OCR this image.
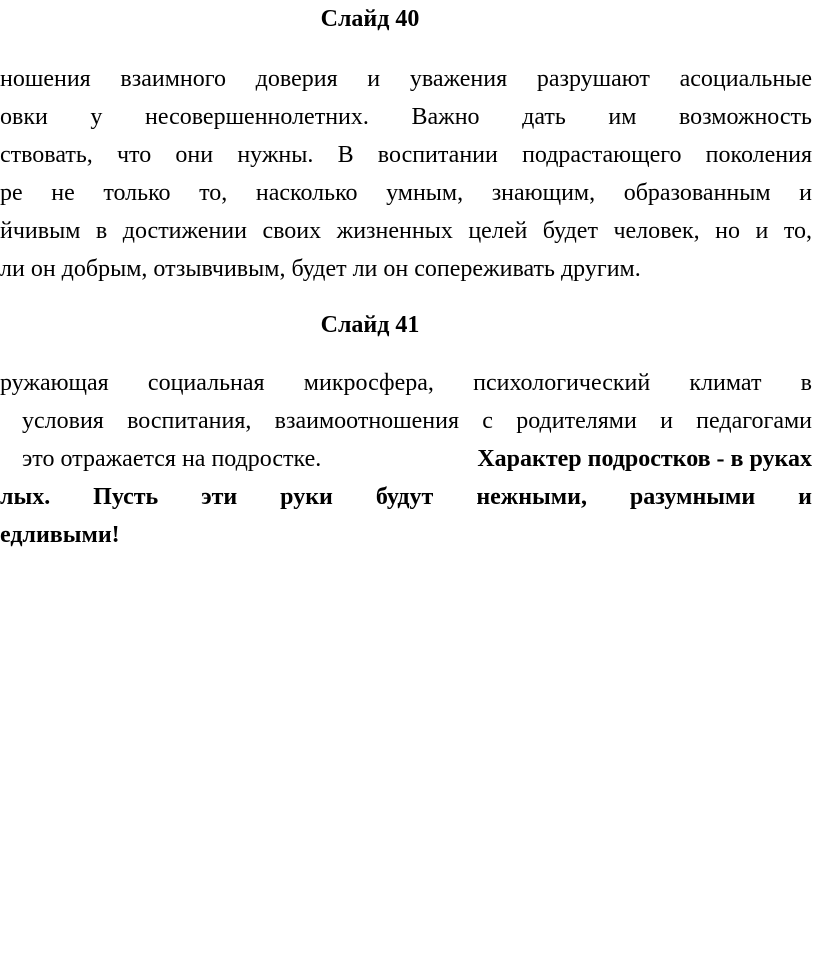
Слайд 40

ношения взаимного доверия и уважения разрушают асоциальные

овки у несовершеннолетних. Важно дать им возможность

ствовать, что они нужны. В воспитании подрастающего поколения

ре не только то, насколько умным, знающим, образованным и

йчивым в достижении своих жизненных целей будет человек, но и то,

ли он добрым, отзывчивым, будет ли он сопереживать другим.

Слайд 41

ружающая социальная микросфера, психологический климат в

условия воспитания, взаимоотношения с родителями и педагогами

это отражается на подростке.	Характер подростков - в руках

лых. Пусть эти руки будут нежными, разумными и

едливыми!
